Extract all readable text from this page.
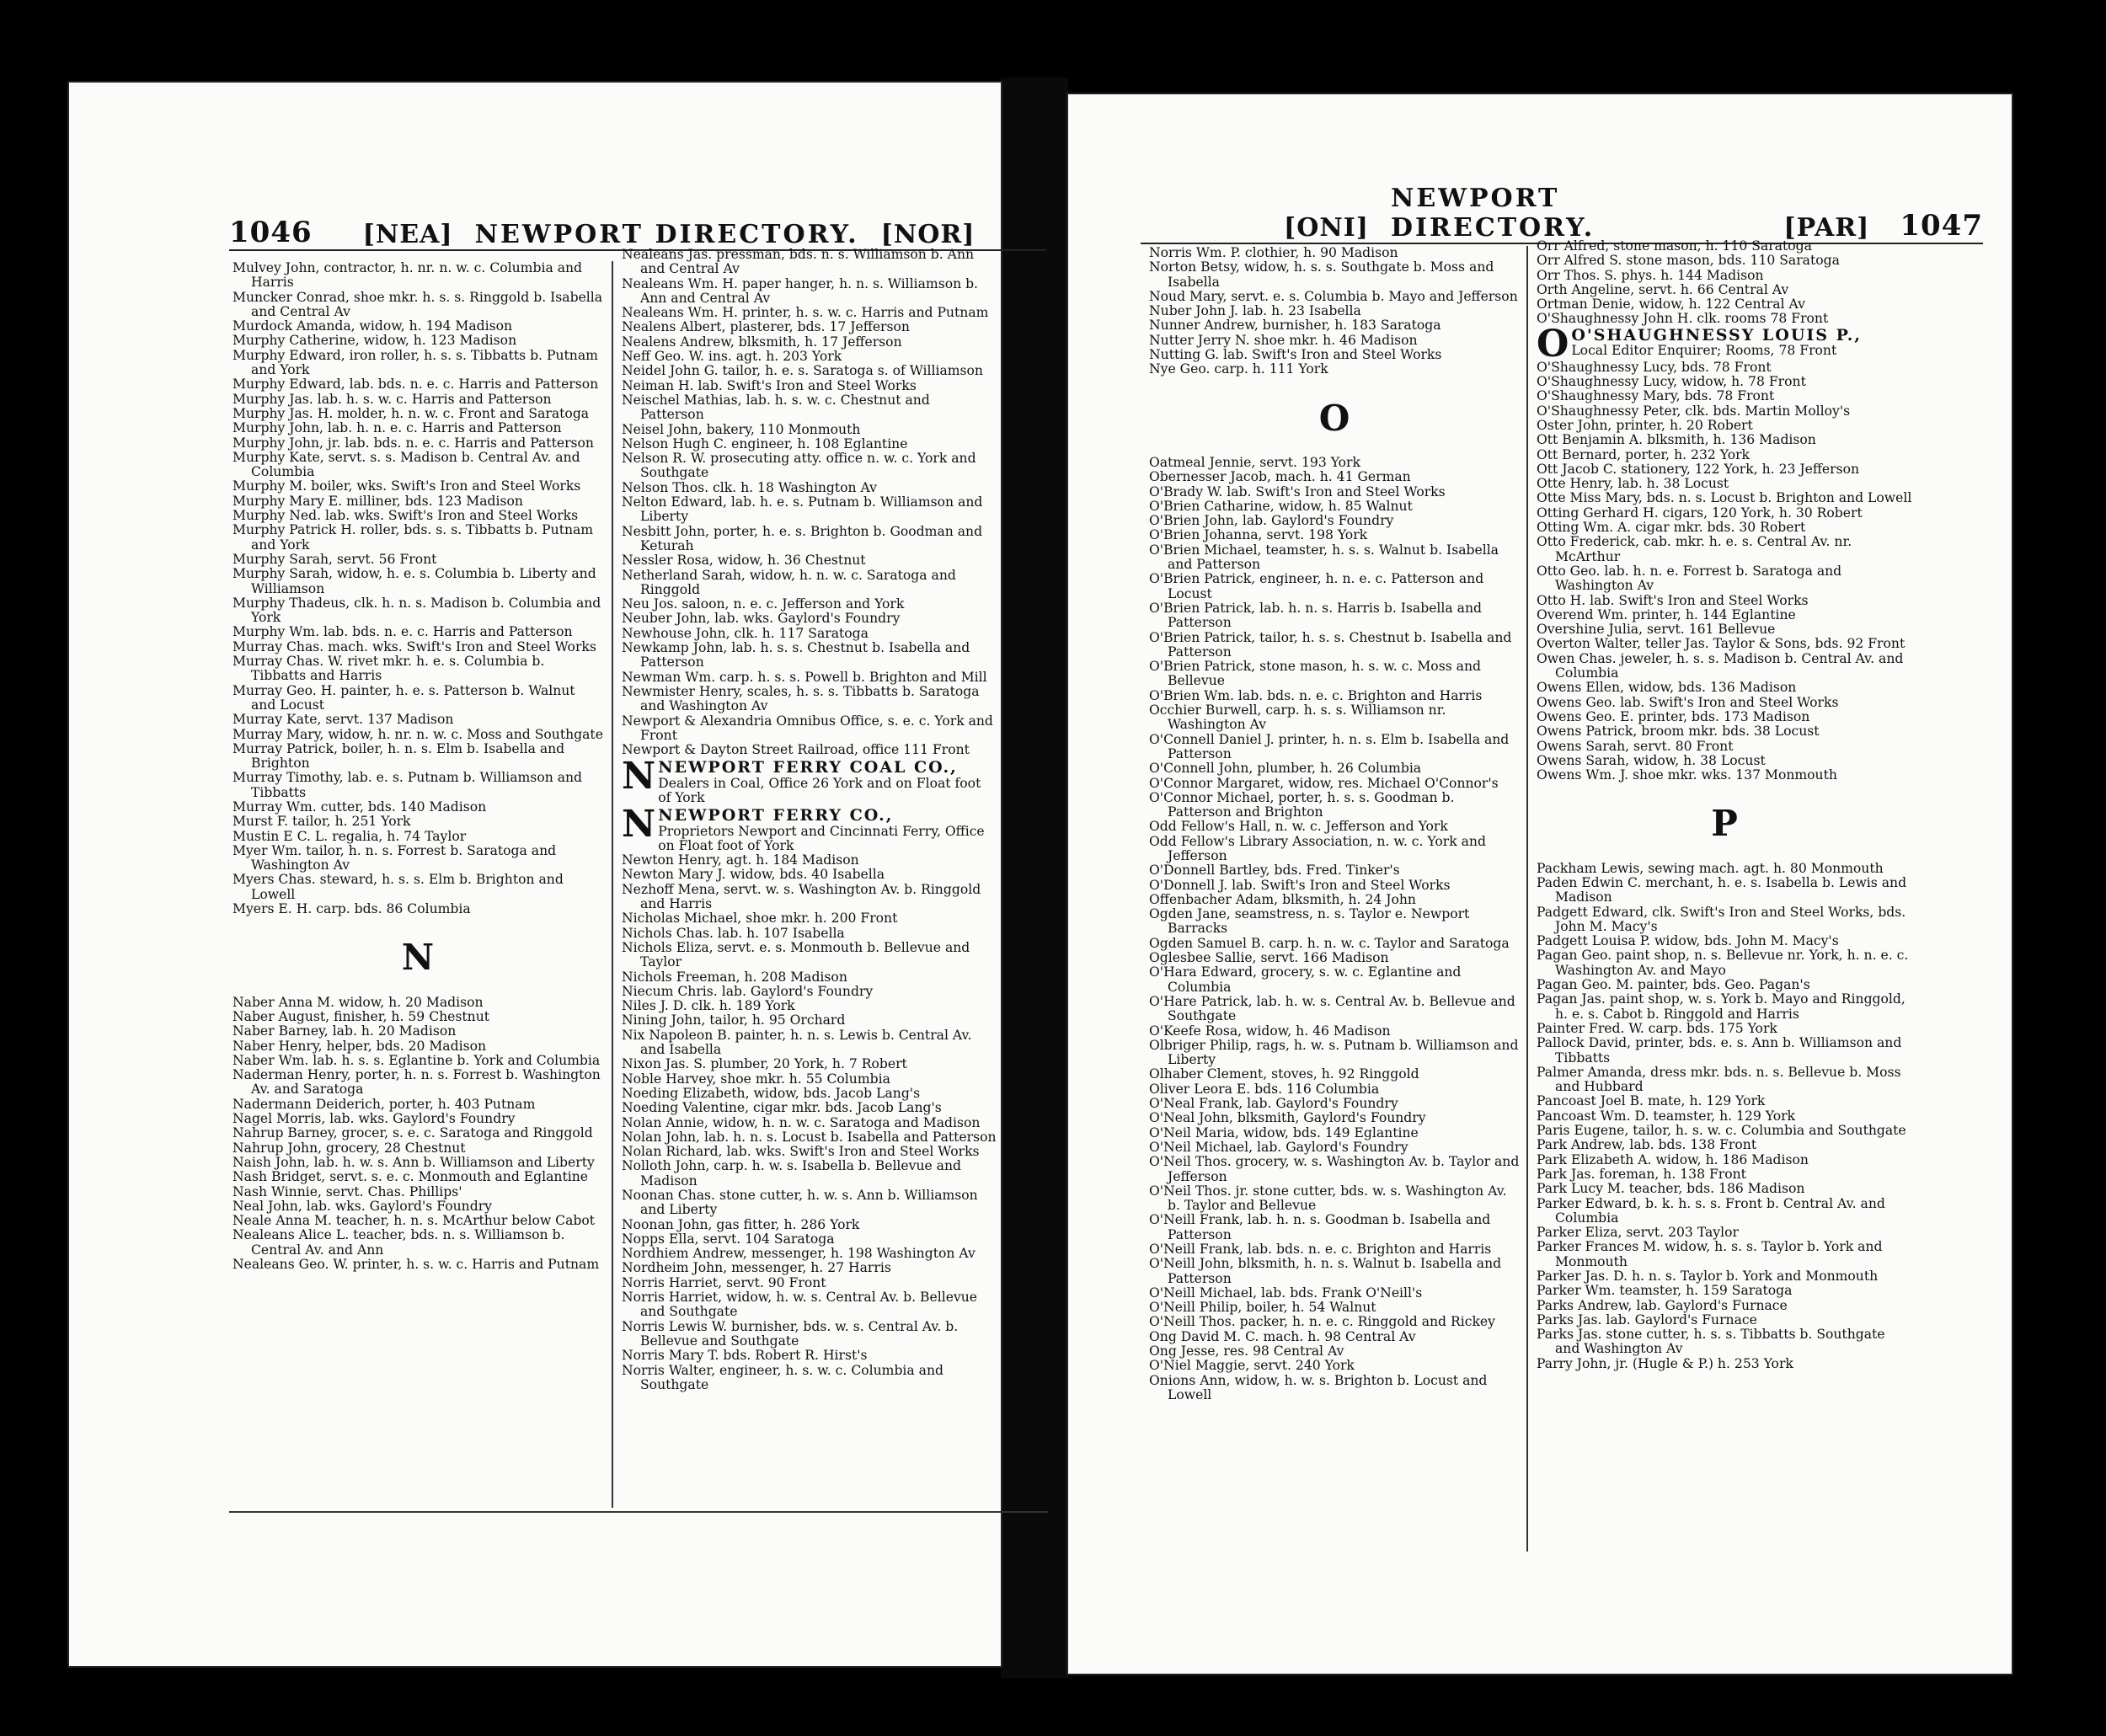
1046 [NEA] NEWPORT DIRECTORY. [NOR]
Mulvey John, contractor, h. nr. n. w. c. Columbia and Harris
Muncker Conrad, shoe mkr. h. s. s. Ringgold b. Isabella and Central Av
Murdock Amanda, widow, h. 194 Madison
Murphy Catherine, widow, h. 123 Madison
Murphy Edward, iron roller, h. s. s. Tibbatts b. Putnam and York
Murphy Edward, lab. bds. n. e. c. Harris and Patterson
Murphy Jas. lab. h. s. w. c. Harris and Patterson
Murphy Jas. H. molder, h. n. w. c. Front and Saratoga
Murphy John, lab. h. n. e. c. Harris and Patterson
Murphy John, jr. lab. bds. n. e. c. Harris and Patterson
Murphy Kate, servt. s. s. Madison b. Central Av. and Columbia
Murphy M. boiler, wks. Swift's Iron and Steel Works
Murphy Mary E. milliner, bds. 123 Madison
Murphy Ned. lab. wks. Swift's Iron and Steel Works
Murphy Patrick H. roller, bds. s. s. Tibbatts b. Putnam and York
Murphy Sarah, servt. 56 Front
Murphy Sarah, widow, h. e. s. Columbia b. Liberty and Williamson
Murphy Thadeus, clk. h. n. s. Madison b. Columbia and York
Murphy Wm. lab. bds. n. e. c. Harris and Patterson
Murray Chas. mach. wks. Swift's Iron and Steel Works
Murray Chas. W. rivet mkr. h. e. s. Columbia b. Tibbatts and Harris
Murray Geo. H. painter, h. e. s. Patterson b. Walnut and Locust
Murray Kate, servt. 137 Madison
Murray Mary, widow, h. nr. n. w. c. Moss and Southgate
Murray Patrick, boiler, h. n. s. Elm b. Isabella and Brighton
Murray Timothy, lab. e. s. Putnam b. Williamson and Tibbatts
Murray Wm. cutter, bds. 140 Madison
Murst F. tailor, h. 251 York
Mustin E C. L. regalia, h. 74 Taylor
Myer Wm. tailor, h. n. s. Forrest b. Saratoga and Washington Av
Myers Chas. steward, h. s. s. Elm b. Brighton and Lowell
Myers E. H. carp. bds. 86 Columbia
N
Naber Anna M. widow, h. 20 Madison
Naber August, finisher, h. 59 Chestnut
Naber Barney, lab. h. 20 Madison
Naber Henry, helper, bds. 20 Madison
Naber Wm. lab. h. s. s. Eglantine b. York and Columbia
Naderman Henry, porter, h. n. s. Forrest b. Washington Av. and Saratoga
Nadermann Deiderich, porter, h. 403 Putnam
Nagel Morris, lab. wks. Gaylord's Foundry
Nahrup Barney, grocer, s. e. c. Saratoga and Ringgold
Nahrup John, grocery, 28 Chestnut
Naish John, lab. h. w. s. Ann b. Williamson and Liberty
Nash Bridget, servt. s. e. c. Monmouth and Eglantine
Nash Winnie, servt. Chas. Phillips'
Neal John, lab. wks. Gaylord's Foundry
Neale Anna M. teacher, h. n. s. McArthur below Cabot
Nealeans Alice L. teacher, bds. n. s. Williamson b. Central Av. and Ann
Nealeans Geo. W. printer, h. s. w. c. Harris and Putnam
Nealeans Jas. pressman, bds. n. s. Williamson b. Ann and Central Av
Nealeans Wm. H. paper hanger, h. n. s. Williamson b. Ann and Central Av
Nealeans Wm. H. printer, h. s. w. c. Harris and Putnam
Nealens Albert, plasterer, bds. 17 Jefferson
Nealens Andrew, blksmith, h. 17 Jefferson
Neff Geo. W. ins. agt. h. 203 York
Neidel John G. tailor, h. e. s. Saratoga s. of Williamson
Neiman H. lab. Swift's Iron and Steel Works
Neischel Mathias, lab. h. s. w. c. Chestnut and Patterson
Neisel John, bakery, 110 Monmouth
Nelson Hugh C. engineer, h. 108 Eglantine
Nelson R. W. prosecuting atty. office n. w. c. York and Southgate
Nelson Thos. clk. h. 18 Washington Av
Nelton Edward, lab. h. e. s. Putnam b. Williamson and Liberty
Nesbitt John, porter, h. e. s. Brighton b. Goodman and Keturah
Nessler Rosa, widow, h. 36 Chestnut
Netherland Sarah, widow, h. n. w. c. Saratoga and Ringgold
Neu Jos. saloon, n. e. c. Jefferson and York
Neuber John, lab. wks. Gaylord's Foundry
Newhouse John, clk. h. 117 Saratoga
Newkamp John, lab. h. s. s. Chestnut b. Isabella and Patterson
Newman Wm. carp. h. s. s. Powell b. Brighton and Mill
Newmister Henry, scales, h. s. s. Tibbatts b. Saratoga and Washington Av
Newport & Alexandria Omnibus Office, s. e. c. York and Front
Newport & Dayton Street Railroad, office 111 Front
N NEWPORT FERRY COAL CO.,
Dealers in Coal, Office 26 York and on Float foot of York
N NEWPORT FERRY CO.,
Proprietors Newport and Cincinnati Ferry, Office on Float foot of York
Newton Henry, agt. h. 184 Madison
Newton Mary J. widow, bds. 40 Isabella
Nezhoff Mena, servt. w. s. Washington Av. b. Ringgold and Harris
Nicholas Michael, shoe mkr. h. 200 Front
Nichols Chas. lab. h. 107 Isabella
Nichols Eliza, servt. e. s. Monmouth b. Bellevue and Taylor
Nichols Freeman, h. 208 Madison
Niecum Chris. lab. Gaylord's Foundry
Niles J. D. clk. h. 189 York
Nining John, tailor, h. 95 Orchard
Nix Napoleon B. painter, h. n. s. Lewis b. Central Av. and Isabella
Nixon Jas. S. plumber, 20 York, h. 7 Robert
Noble Harvey, shoe mkr. h. 55 Columbia
Noeding Elizabeth, widow, bds. Jacob Lang's
Noeding Valentine, cigar mkr. bds. Jacob Lang's
Nolan Annie, widow, h. n. w. c. Saratoga and Madison
Nolan John, lab. h. n. s. Locust b. Isabella and Patterson
Nolan Richard, lab. wks. Swift's Iron and Steel Works
Nolloth John, carp. h. w. s. Isabella b. Bellevue and Madison
Noonan Chas. stone cutter, h. w. s. Ann b. Williamson and Liberty
Noonan John, gas fitter, h. 286 York
Nopps Ella, servt. 104 Saratoga
Nordhiem Andrew, messenger, h. 198 Washington Av
Nordheim John, messenger, h. 27 Harris
Norris Harriet, servt. 90 Front
Norris Harriet, widow, h. w. s. Central Av. b. Bellevue and Southgate
Norris Lewis W. burnisher, bds. w. s. Central Av. b. Bellevue and Southgate
Norris Mary T. bds. Robert R. Hirst's
Norris Walter, engineer, h. s. w. c. Columbia and Southgate
[ONI]
NEWPORT DIRECTORY.	[PAR] 1047
Norris Wm. P. clothier, h. 90 Madison
Norton Betsy, widow, h. s. s. Southgate b. Moss and Isabella
Noud Mary, servt. e. s. Columbia b. Mayo and Jefferson
Nuber John J. lab. h. 23 Isabella
Nunner Andrew, burnisher, h. 183 Saratoga
Nutter Jerry N. shoe mkr. h. 46 Madison
Nutting G. lab. Swift's Iron and Steel Works
Nye Geo. carp. h. 111 York
O
Oatmeal Jennie, servt. 193 York
Obernesser Jacob, mach. h. 41 German
O'Brady W. lab. Swift's Iron and Steel Works
O'Brien Catharine, widow, h. 85 Walnut
O'Brien John, lab. Gaylord's Foundry
O'Brien Johanna, servt. 198 York
O'Brien Michael, teamster, h. s. s. Walnut b. Isabella and Patterson
O'Brien Patrick, engineer, h. n. e. c. Patterson and Locust
O'Brien Patrick, lab. h. n. s. Harris b. Isabella and Patterson
O'Brien Patrick, tailor, h. s. s. Chestnut b. Isabella and Patterson
O'Brien Patrick, stone mason, h. s. w. c. Moss and Bellevue
O'Brien Wm. lab. bds. n. e. c. Brighton and Harris
Occhier Burwell, carp. h. s. s. Williamson nr. Washington Av
O'Connell Daniel J. printer, h. n. s. Elm b. Isabella and Patterson
O'Connell John, plumber, h. 26 Columbia
O'Connor Margaret, widow, res. Michael O'Connor's
O'Connor Michael, porter, h. s. s. Goodman b. Patterson and Brighton
Odd Fellow's Hall, n. w. c. Jefferson and York
Odd Fellow's Library Association, n. w. c. York and Jefferson
O'Donnell Bartley, bds. Fred. Tinker's
O'Donnell J. lab. Swift's Iron and Steel Works
Offenbacher Adam, blksmith, h. 24 John
Ogden Jane, seamstress, n. s. Taylor e. Newport Barracks
Ogden Samuel B. carp. h. n. w. c. Taylor and Saratoga
Oglesbee Sallie, servt. 166 Madison
O'Hara Edward, grocery, s. w. c. Eglantine and Columbia
O'Hare Patrick, lab. h. w. s. Central Av. b. Bellevue and Southgate
O'Keefe Rosa, widow, h. 46 Madison
Olbriger Philip, rags, h. w. s. Putnam b. Williamson and Liberty
Olhaber Clement, stoves, h. 92 Ringgold
Oliver Leora E. bds. 116 Columbia
O'Neal Frank, lab. Gaylord's Foundry
O'Neal John, blksmith, Gaylord's Foundry
O'Neil Maria, widow, bds. 149 Eglantine
O'Neil Michael, lab. Gaylord's Foundry
O'Neil Thos. grocery, w. s. Washington Av. b. Taylor and Jefferson
O'Neil Thos. jr. stone cutter, bds. w. s. Washington Av. b. Taylor and Bellevue
O'Neill Frank, lab. h. n. s. Goodman b. Isabella and Patterson
O'Neill Frank, lab. bds. n. e. c. Brighton and Harris
O'Neill John, blksmith, h. n. s. Walnut b. Isabella and Patterson
O'Neill Michael, lab. bds. Frank O'Neill's
O'Neill Philip, boiler, h. 54 Walnut
O'Neill Thos. packer, h. n. e. c. Ringgold and Rickey
Ong David M. C. mach. h. 98 Central Av
Ong Jesse, res. 98 Central Av
O'Niel Maggie, servt. 240 York
Onions Ann, widow, h. w. s. Brighton b. Locust and Lowell
Orr Alfred, stone mason, h. 110 Saratoga
Orr Alfred S. stone mason, bds. 110 Saratoga
Orr Thos. S. phys. h. 144 Madison
Orth Angeline, servt. h. 66 Central Av
Ortman Denie, widow, h. 122 Central Av
O'Shaughnessy John H. clk. rooms 78 Front
O O'SHAUGHNESSY LOUIS P.,
Local Editor Enquirer; Rooms, 78 Front
O'Shaughnessy Lucy, bds. 78 Front
O'Shaughnessy Lucy, widow, h. 78 Front
O'Shaughnessy Mary, bds. 78 Front
O'Shaughnessy Peter, clk. bds. Martin Molloy's
Oster John, printer, h. 20 Robert
Ott Benjamin A. blksmith, h. 136 Madison
Ott Bernard, porter, h. 232 York
Ott Jacob C. stationery, 122 York, h. 23 Jefferson
Otte Henry, lab. h. 38 Locust
Otte Miss Mary, bds. n. s. Locust b. Brighton and Lowell
Otting Gerhard H. cigars, 120 York, h. 30 Robert
Otting Wm. A. cigar mkr. bds. 30 Robert
Otto Frederick, cab. mkr. h. e. s. Central Av. nr. McArthur
Otto Geo. lab. h. n. e. Forrest b. Saratoga and Washington Av
Otto H. lab. Swift's Iron and Steel Works
Overend Wm. printer, h. 144 Eglantine
Overshine Julia, servt. 161 Bellevue
Overton Walter, teller Jas. Taylor & Sons, bds. 92 Front
Owen Chas. jeweler, h. s. s. Madison b. Central Av. and Columbia
Owens Ellen, widow, bds. 136 Madison
Owens Geo. lab. Swift's Iron and Steel Works
Owens Geo. E. printer, bds. 173 Madison
Owens Patrick, broom mkr. bds. 38 Locust
Owens Sarah, servt. 80 Front
Owens Sarah, widow, h. 38 Locust
Owens Wm. J. shoe mkr. wks. 137 Monmouth
P
Packham Lewis, sewing mach. agt. h. 80 Monmouth
Paden Edwin C. merchant, h. e. s. Isabella b. Lewis and Madison
Padgett Edward, clk. Swift's Iron and Steel Works, bds. John M. Macy's
Padgett Louisa P. widow, bds. John M. Macy's
Pagan Geo. paint shop, n. s. Bellevue nr. York, h. n. e. c. Washington Av. and Mayo
Pagan Geo. M. painter, bds. Geo. Pagan's
Pagan Jas. paint shop, w. s. York b. Mayo and Ringgold, h. e. s. Cabot b. Ringgold and Harris
Painter Fred. W. carp. bds. 175 York
Pallock David, printer, bds. e. s. Ann b. Williamson and Tibbatts
Palmer Amanda, dress mkr. bds. n. s. Bellevue b. Moss and Hubbard
Pancoast Joel B. mate, h. 129 York
Pancoast Wm. D. teamster, h. 129 York
Paris Eugene, tailor, h. s. w. c. Columbia and Southgate
Park Andrew, lab. bds. 138 Front
Park Elizabeth A. widow, h. 186 Madison
Park Jas. foreman, h. 138 Front
Park Lucy M. teacher, bds. 186 Madison
Parker Edward, b. k. h. s. s. Front b. Central Av. and Columbia
Parker Eliza, servt. 203 Taylor
Parker Frances M. widow, h. s. s. Taylor b. York and Monmouth
Parker Jas. D. h. n. s. Taylor b. York and Monmouth
Parker Wm. teamster, h. 159 Saratoga
Parks Andrew, lab. Gaylord's Furnace
Parks Jas. lab. Gaylord's Furnace
Parks Jas. stone cutter, h. s. s. Tibbatts b. Southgate and Washington Av
Parry John, jr. (Hugle & P.) h. 253 York
